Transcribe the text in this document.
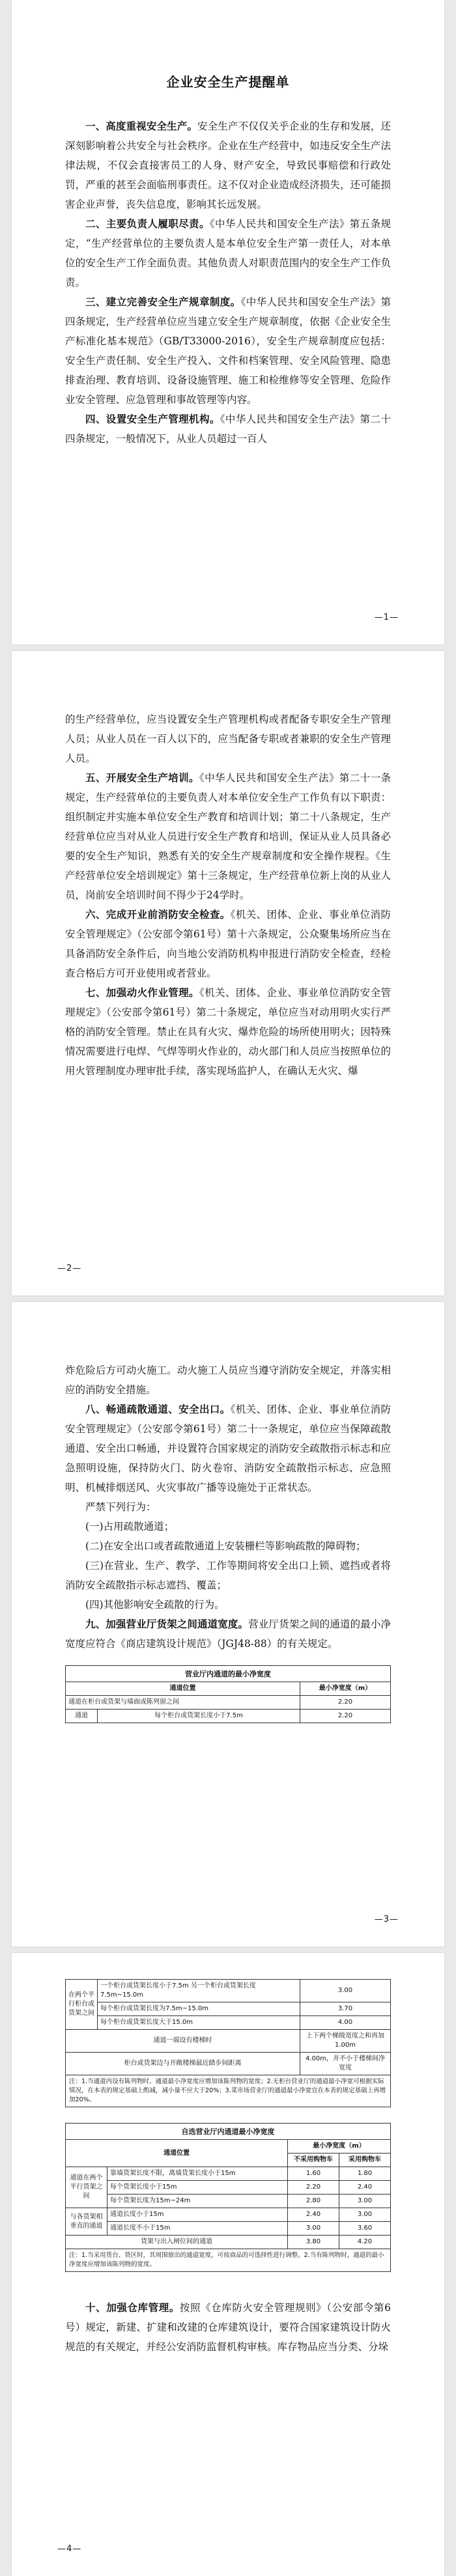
企业安全生产提醒单

一、高度重视安全生产。安全生产不仅仅关乎企业的生存和发展，还深刻影响着公共安全与社会秩序。企业在生产经营中，如违反安全生产法律法规，不仅会直接害员工的人身、财产安全，导致民事赔偿和行政处罚，严重的甚至会面临刑事责任。这不仅对企业造成经济损失，还可能损害企业声誉，丧失信息度，影响其长远发展。

二、主要负责人履职尽责。《中华人民共和国安全生产法》第五条规定，“生产经营单位的主要负责人是本单位安全生产第一责任人，对本单位的安全生产工作全面负责。其他负责人对职责范围内的安全生产工作负责。

三、建立完善安全生产规章制度。《中华人民共和国安全生产法》第四条规定，生产经营单位应当建立安全生产规章制度，依据《企业安全生产标准化基本规范》（GB/T33000-2016），安全生产规章制度应包括：安全生产责任制、安全生产投入、文件和档案管理、安全风险管理、隐患排查治理、教育培训、设备设施管理、施工和检维修等安全管理、危险作业安全管理、应急管理和事故管理等内容。

四、设置安全生产管理机构。《中华人民共和国安全生产法》第二十四条规定，一般情况下，从业人员超过一百人

—1—

的生产经营单位，应当设置安全生产管理机构或者配备专职安全生产管理人员；从业人员在一百人以下的，应当配备专职或者兼职的安全生产管理人员。

五、开展安全生产培训。《中华人民共和国安全生产法》第二十一条规定，生产经营单位的主要负责人对本单位安全生产工作负有以下职责：组织制定并实施本单位安全生产教育和培训计划；第二十八条规定，生产经营单位应当对从业人员进行安全生产教育和培训，保证从业人员具备必要的安全生产知识，熟悉有关的安全生产规章制度和安全操作规程。《生产经营单位安全培训规定》第十三条规定，生产经营单位新上岗的从业人员，岗前安全培训时间不得少于24学时。

六、完成开业前消防安全检查。《机关、团体、企业、事业单位消防安全管理规定》（公安部令第61号）第十六条规定，公众聚集场所应当在具备消防安全条件后，向当地公安消防机构申报进行消防安全检查，经检查合格后方可开业使用或者营业。

七、加强动火作业管理。《机关、团体、企业、事业单位消防安全管理规定》（公安部令第61号）第二十条规定，单位应当对动用明火实行严格的消防安全管理。禁止在具有火灾、爆炸危险的场所使用明火；因特殊情况需要进行电焊、气焊等明火作业的，动火部门和人员应当按照单位的用火管理制度办理审批手续，落实现场监护人，在确认无火灾、爆

—2—

炸危险后方可动火施工。动火施工人员应当遵守消防安全规定，并落实相应的消防安全措施。

八、畅通疏散通道、安全出口。《机关、团体、企业、事业单位消防安全管理规定》（公安部令第61号）第二十一条规定，单位应当保障疏散通道、安全出口畅通，并设置符合国家规定的消防安全疏散指示标志和应急照明设施，保持防火门、防火卷帘、消防安全疏散指示标志、应急照明、机械排烟送风、火灾事故广播等设施处于正常状态。

严禁下列行为：

(一)占用疏散通道；

(二)在安全出口或者疏散通道上安装栅栏等影响疏散的障碍物；

(三)在营业、生产、教学、工作等期间将安全出口上锁、遮挡或者将消防安全疏散指示标志遮挡、覆盖；

(四)其他影响安全疏散的行为。

九、加强营业厅货架之间通道宽度。营业厅货架之间的通道的最小净宽度应符合《商店建筑设计规范》（JGJ48-88）的有关规定。

营业厅内通道的最小净宽度
通道位置		最小净宽度（m）
通道在柜台或货架与墙面或陈列窗之间		2.20
通道	每个柜台或货架长度小于7.5m	2.20
—3—
在两个平行柜台或货架之间	一个柜台或货架长度小于7.5m 另一个柜台或货架长度7.5m~15.0m	3.00
	每个柜台或货架长度为7.5m~15.0m	3.70
	每个柜台或货架长度大于15.0m	4.00
通道一端设有楼梯时		上下两个梯级宽度之和再加1.00m
柜台或货架边与开敞楼梯最近踏步间距离		4.00m，并不小于楼梯间净宽度
注：1.当通道内设有陈列物时，通道最小净宽度应增加该陈列物的宽度；2.无柜台营业厅的通道最小净宽可根据实际情况，在本表的规定基础上酌减，减小量不应大于20%；3.菜市场营业厅的通道最小净宽宜在本表的规定基础上再增加20%。
自选营业厅内通道最小净宽度
通道位置		最小净宽度（m）	
		不采用购物车	采用购物车
通道在两个平行货架之间	靠墙货架长度不限，离墙货架长度小于15m	1.60	1.80
	每个货架长度小于15m	2.20	2.40
	每个货架长度为15m~24m	2.80	3.00
与各货架相垂直的通道	通道长度小于15m	2.40	3.00
	通道长度不小于15m	3.00	3.60
货架与出入闸位间的通道		3.80	4.20
注：1.当采用货台、货区时，其周围留出的通道宽度，可按商品的可选择性进行调整。2.当有陈列物时，通道的最小净宽度应增加该陈列物的宽度。

十、加强仓库管理。按照《仓库防火安全管理规则》（公安部令第6号）规定，新建、扩建和改建的仓库建筑设计，要符合国家建筑设计防火规范的有关规定，并经公安消防监督机构审核。库存物品应当分类、分垛

—4—
